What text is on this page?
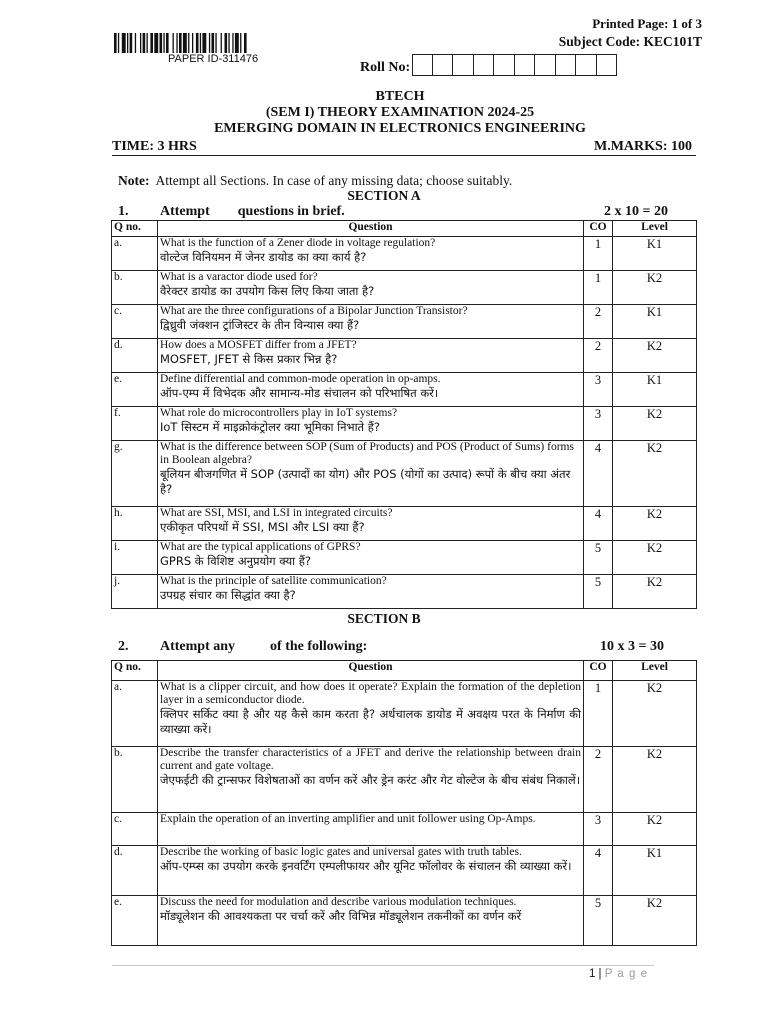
Printed Page: 1 of 3
Subject Code: KEC101T
PAPER ID-311476
Roll No:
BTECH
(SEM I) THEORY EXAMINATION 2024-25
EMERGING DOMAIN IN ELECTRONICS ENGINEERING
TIME: 3 HRS	M.MARKS: 100
Note: Attempt all Sections. In case of any missing data; choose suitably.
SECTION A
1. Attempt        questions in brief.	2 x 10 = 20
Q no.	Question	CO	Level
a.	What is the function of a Zener diode in voltage regulation?
वोल्टेज विनियमन में जेनर डायोड का क्या कार्य है?	1	K1
b.	What is a varactor diode used for?
वैरेक्टर डायोड का उपयोग किस लिए किया जाता है?	1	K2
c.	What are the three configurations of a Bipolar Junction Transistor?
द्विध्रुवी जंक्शन ट्रांजिस्टर के तीन विन्यास क्या हैं?	2	K1
d.	How does a MOSFET differ from a JFET?
MOSFET, JFET से किस प्रकार भिन्न है?	2	K2
e.	Define differential and common-mode operation in op-amps.
ऑप-एम्प में विभेदक और सामान्य-मोड संचालन को परिभाषित करें।	3	K1
f.	What role do microcontrollers play in IoT systems?
IoT सिस्टम में माइक्रोकंट्रोलर क्या भूमिका निभाते हैं?	3	K2
g.	What is the difference between SOP (Sum of Products) and POS (Product of Sums) forms in Boolean algebra?
बूलियन बीजगणित में SOP (उत्पादों का योग) और POS (योगों का उत्पाद) रूपों के बीच क्या अंतर है?	4	K2
h.	What are SSI, MSI, and LSI in integrated circuits?
एकीकृत परिपथों में SSI, MSI और LSI क्या हैं?	4	K2
i.	What are the typical applications of GPRS?
GPRS के विशिष्ट अनुप्रयोग क्या हैं?	5	K2
j.	What is the principle of satellite communication?
उपग्रह संचार का सिद्धांत क्या है?	5	K2
SECTION B
2. Attempt any          of the following:	10 x 3 = 30
Q no.	Question	CO	Level
a.	What is a clipper circuit, and how does it operate? Explain the formation of the depletion layer in a semiconductor diode.
क्लिपर सर्किट क्या है और यह कैसे काम करता है? अर्धचालक डायोड में अवक्षय परत के निर्माण की व्याख्या करें।	1	K2
b.	Describe the transfer characteristics of a JFET and derive the relationship between drain current and gate voltage.
जेएफईटी की ट्रान्सफर विशेषताओं का वर्णन करें और ड्रेन करंट और गेट वोल्टेज के बीच संबंध निकालें।	2	K2
c.	Explain the operation of an inverting amplifier and unit follower using Op-Amps.	3	K2
d.	Describe the working of basic logic gates and universal gates with truth tables.
ऑप-एम्प्स का उपयोग करके इनवर्टिंग एम्पलीफायर और यूनिट फॉलोवर के संचालन की व्याख्या करें।	4	K1
e.	Discuss the need for modulation and describe various modulation techniques.
मॉड्यूलेशन की आवश्यकता पर चर्चा करें और विभिन्न मॉड्यूलेशन तकनीकों का वर्णन करें	5	K2
1 | P a g e
